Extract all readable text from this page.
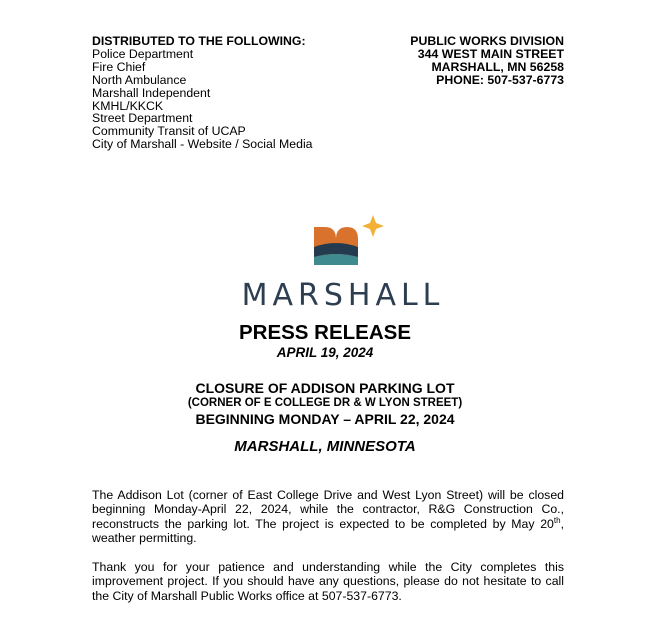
DISTRIBUTED TO THE FOLLOWING:
Police Department
Fire Chief
North Ambulance
Marshall Independent
KMHL/KKCK
Street Department
Community Transit of UCAP
City of Marshall - Website / Social Media
PUBLIC WORKS DIVISION
344 WEST MAIN STREET
MARSHALL, MN 56258
PHONE: 507-537-6773
MARSHALL
PRESS RELEASE
APRIL 19, 2024
CLOSURE OF ADDISON PARKING LOT
(CORNER OF E COLLEGE DR & W LYON STREET)
BEGINNING MONDAY – APRIL 22, 2024
MARSHALL, MINNESOTA
The Addison Lot (corner of East College Drive and West Lyon Street) will be closed beginning Monday-April 22, 2024, while the contractor, R&G Construction Co., reconstructs the parking lot. The project is expected to be completed by May 20th, weather permitting.
Thank you for your patience and understanding while the City completes this improvement project. If you should have any questions, please do not hesitate to call the City of Marshall Public Works office at 507-537-6773.
